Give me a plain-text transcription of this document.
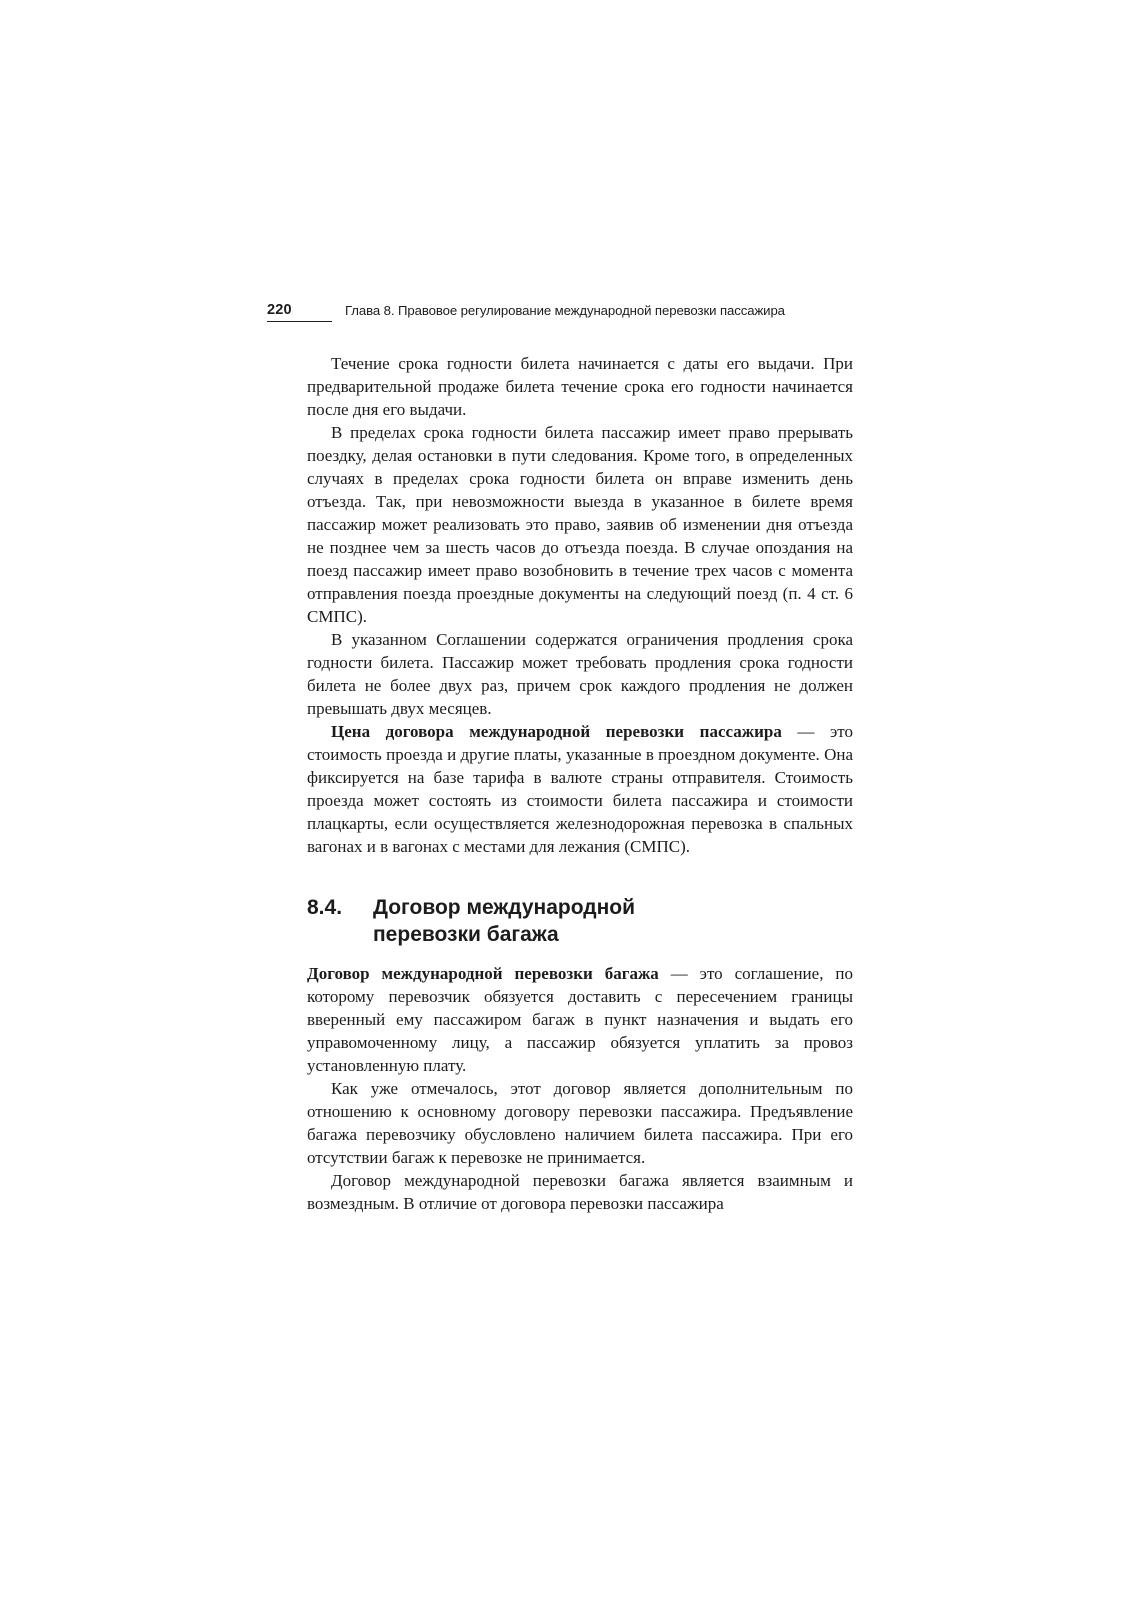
220	Глава 8. Правовое регулирование международной перевозки пассажира

Течение срока годности билета начинается с даты его выдачи. При предварительной продаже билета течение срока его годности начинается после дня его выдачи.

В пределах срока годности билета пассажир имеет право прерывать поездку, делая остановки в пути следования. Кроме того, в определенных случаях в пределах срока годности билета он вправе изменить день отъезда. Так, при невозможности выезда в указанное в билете время пассажир может реализовать это право, заявив об изменении дня отъезда не позднее чем за шесть часов до отъезда поезда. В случае опоздания на поезд пассажир имеет право возобновить в течение трех часов с момента отправления поезда проездные документы на следующий поезд (п. 4 ст. 6 СМПС).

В указанном Соглашении содержатся ограничения продления срока годности билета. Пассажир может требовать продления срока годности билета не более двух раз, причем срок каждого продления не должен превышать двух месяцев.

Цена договора международной перевозки пассажира — это стоимость проезда и другие платы, указанные в проездном документе. Она фиксируется на базе тарифа в валюте страны отправителя. Стоимость проезда может состоять из стоимости билета пассажира и стоимости плацкарты, если осуществляется железнодорожная перевозка в спальных вагонах и в вагонах с местами для лежания (СМПС).

8.4.	Договор международной перевозки багажа

Договор международной перевозки багажа — это соглашение, по которому перевозчик обязуется доставить с пересечением границы вверенный ему пассажиром багаж в пункт назначения и выдать его управомоченному лицу, а пассажир обязуется уплатить за провоз установленную плату.

Как уже отмечалось, этот договор является дополнительным по отношению к основному договору перевозки пассажира. Предъявление багажа перевозчику обусловлено наличием билета пассажира. При его отсутствии багаж к перевозке не принимается.

Договор международной перевозки багажа является взаимным и возмездным. В отличие от договора перевозки пассажира
